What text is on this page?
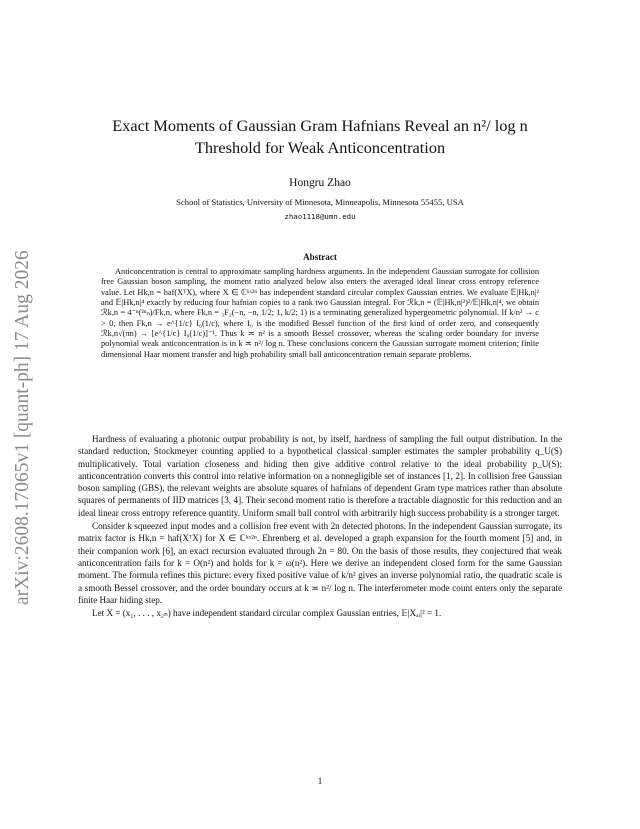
arXiv:2608.17065v1 [quant-ph] 17 Aug 2026
Exact Moments of Gaussian Gram Hafnians Reveal an n²/ log n Threshold for Weak Anticoncentration
Hongru Zhao
School of Statistics, University of Minnesota, Minneapolis, Minnesota 55455, USA
zhao1118@umn.edu
Abstract

Anticoncentration is central to approximate sampling hardness arguments. In the independent Gaussian surrogate for collision free Gaussian boson sampling, the moment ratio analyzed below also enters the averaged ideal linear cross entropy reference value. Let Hk,n = haf(XᵀX), where X ∈ ℂᵏˣ²ⁿ has independent standard circular complex Gaussian entries. We evaluate 𝔼|Hk,n|² and 𝔼|Hk,n|⁴ exactly by reducing four hafnian copies to a rank two Gaussian integral. For ℛk,n = (𝔼|Hk,n|²)²/𝔼|Hk,n|⁴, we obtain ℛk,n = 4⁻ⁿ(²ⁿₙ)/Fk,n, where Fk,n = ₃F₂(−n, −n, 1/2; 1, k/2; 1) is a terminating generalized hypergeometric polynomial. If k/n² → c > 0, then Fk,n → e^{1/c} I₀(1/c), where I₀ is the modified Bessel function of the first kind of order zero, and consequently ℛk,n√(πn) → [e^{1/c} I₀(1/c)]⁻¹. Thus k ≍ n² is a smooth Bessel crossover, whereas the scaling order boundary for inverse polynomial weak anticoncentration is in k ≍ n²/ log n. These conclusions concern the Gaussian surrogate moment criterion; finite dimensional Haar moment transfer and high probability small ball anticoncentration remain separate problems.

Hardness of evaluating a photonic output probability is not, by itself, hardness of sampling the full output distribution. In the standard reduction, Stockmeyer counting applied to a hypothetical classical sampler estimates the sampler probability q_U(S) multiplicatively. Total variation closeness and hiding then give additive control relative to the ideal probability p_U(S); anticoncentration converts this control into relative information on a nonnegligible set of instances [1, 2]. In collision free Gaussian boson sampling (GBS), the relevant weights are absolute squares of hafnians of dependent Gram type matrices rather than absolute squares of permanents of IID matrices [3, 4]. Their second moment ratio is therefore a tractable diagnostic for this reduction and an ideal linear cross entropy reference quantity. Uniform small ball control with arbitrarily high success probability is a stronger target.

Consider k squeezed input modes and a collision free event with 2n detected photons. In the independent Gaussian surrogate, its matrix factor is Hk,n = haf(XᵀX) for X ∈ ℂᵏˣ²ⁿ. Ehrenberg et al. developed a graph expansion for the fourth moment [5] and, in their companion work [6], an exact recursion evaluated through 2n = 80. On the basis of those results, they conjectured that weak anticoncentration fails for k = O(n²) and holds for k = ω(n²). Here we derive an independent closed form for the same Gaussian moment. The formula refines this picture: every fixed positive value of k/n² gives an inverse polynomial ratio, the quadratic scale is a smooth Bessel crossover, and the order boundary occurs at k ≍ n²/ log n. The interferometer mode count enters only the separate finite Haar hiding step.

Let X = (x₁, . . . , x₂ₙ) have independent standard circular complex Gaussian entries, 𝔼|Xₐᵢ|² = 1.

1
